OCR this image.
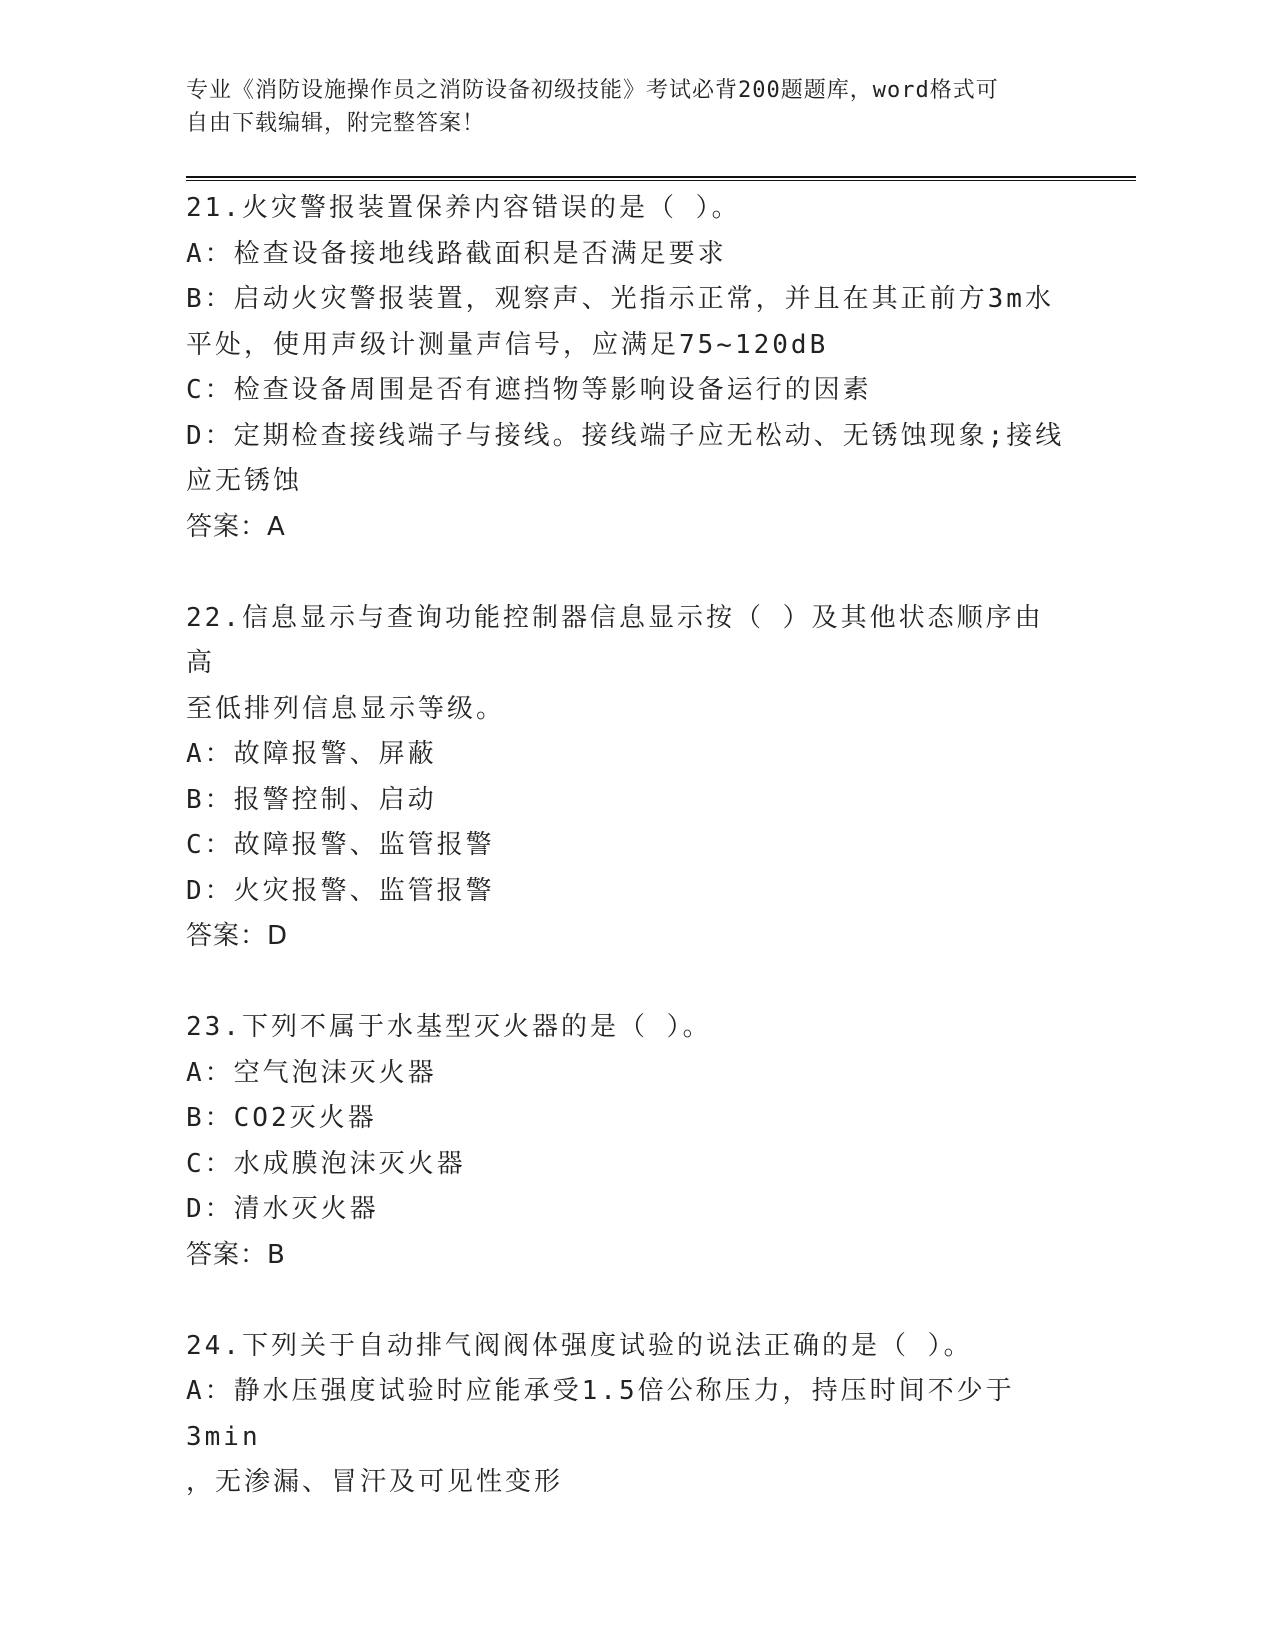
专业《消防设施操作员之消防设备初级技能》考试必背200题题库，word格式可
自由下载编辑，附完整答案！
21.火灾警报装置保养内容错误的是（ ）。
A：检查设备接地线路截面积是否满足要求
B：启动火灾警报装置，观察声、光指示正常，并且在其正前方3m水
平处，使用声级计测量声信号，应满足75~120dB
C：检查设备周围是否有遮挡物等影响设备运行的因素
D：定期检查接线端子与接线。接线端子应无松动、无锈蚀现象;接线
应无锈蚀
答案：A
22.信息显示与查询功能控制器信息显示按（ ）及其他状态顺序由高
至低排列信息显示等级。
A：故障报警、屏蔽
B：报警控制、启动
C：故障报警、监管报警
D：火灾报警、监管报警
答案：D
23.下列不属于水基型灭火器的是（ ）。
A：空气泡沫灭火器
B：CO2灭火器
C：水成膜泡沫灭火器
D：清水灭火器
答案：B
24.下列关于自动排气阀阀体强度试验的说法正确的是（ ）。
A：静水压强度试验时应能承受1.5倍公称压力，持压时间不少于3min
，无渗漏、冒汗及可见性变形
